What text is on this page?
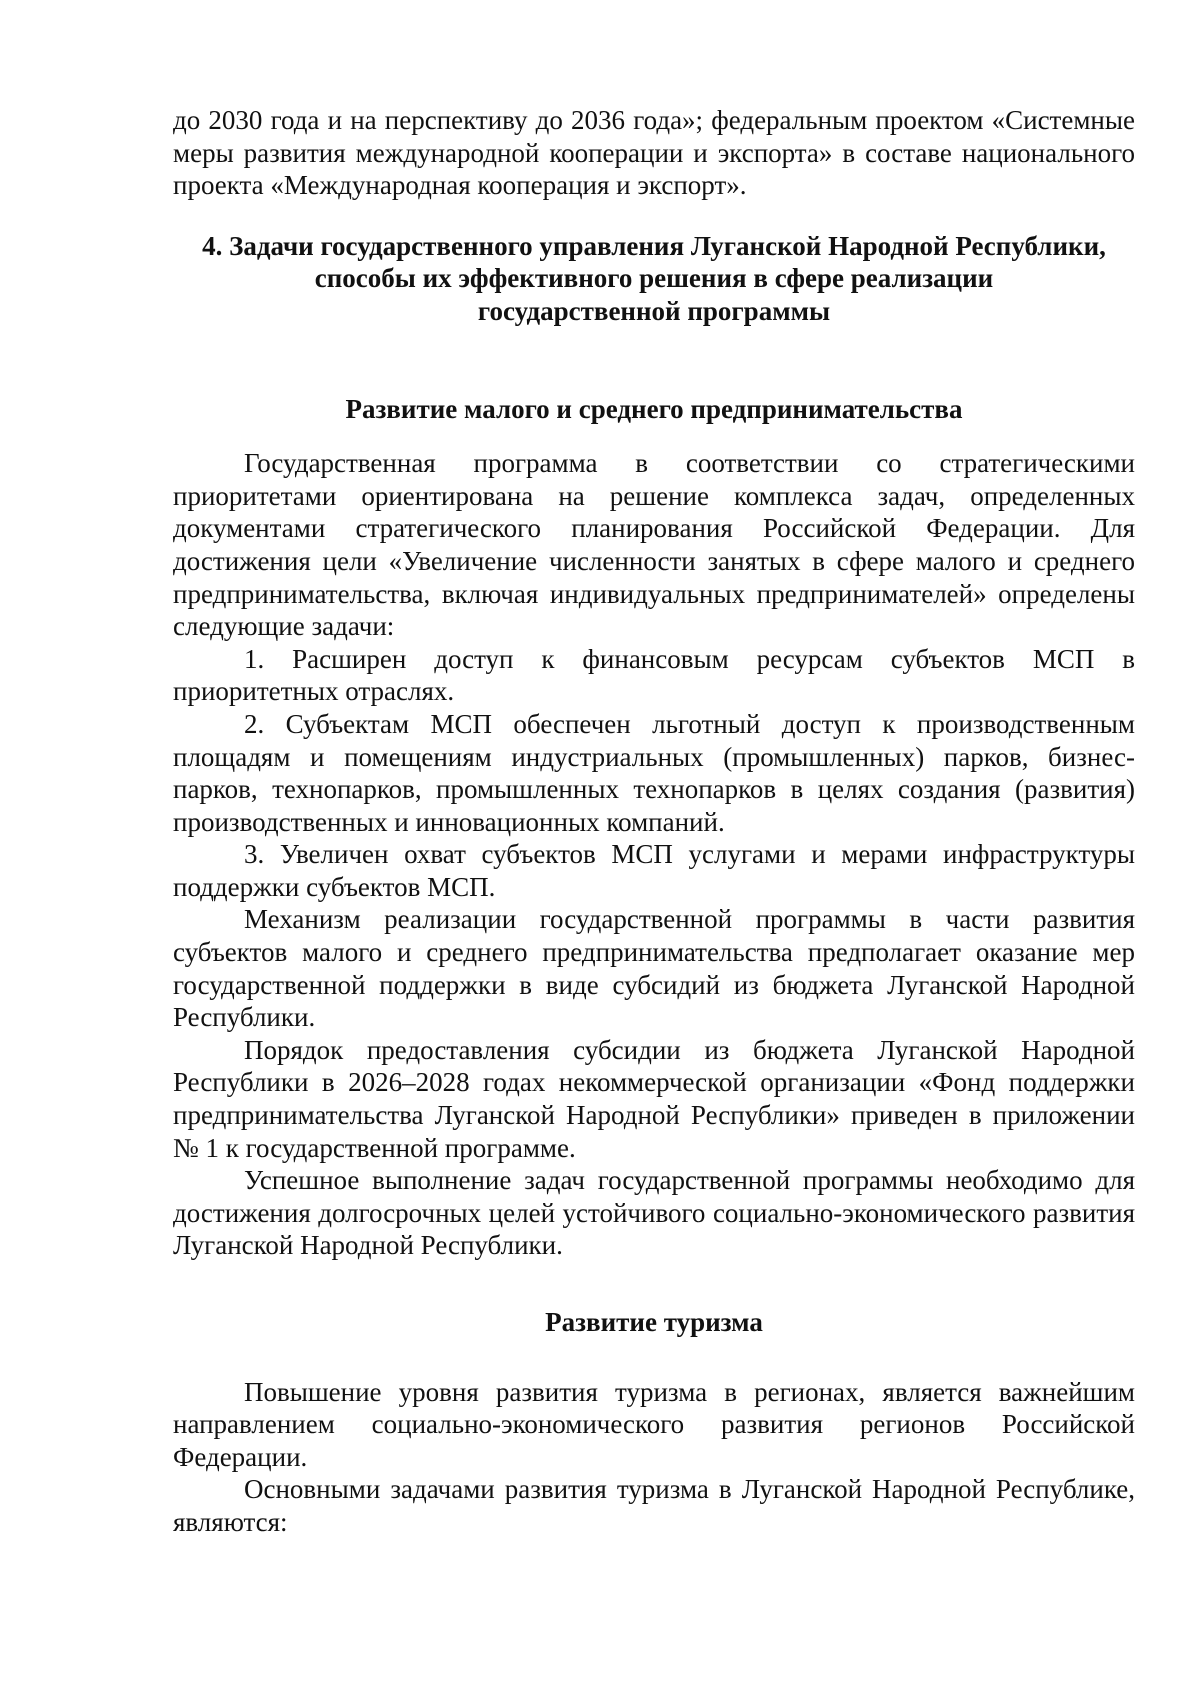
до 2030 года и на перспективу до 2036 года»; федеральным проектом «Системные меры развития международной кооперации и экспорта» в составе национального проекта «Международная кооперация и экспорт».

4. Задачи государственного управления Луганской Народной Республики,
способы их эффективного решения в сфере реализации
государственной программы
Развитие малого и среднего предпринимательства

Государственная программа в соответствии со стратегическими приоритетами ориентирована на решение комплекса задач, определенных документами стратегического планирования Российской Федерации. Для достижения цели «Увеличение численности занятых в сфере малого и среднего предпринимательства, включая индивидуальных предпринимателей» определены следующие задачи:

1. Расширен доступ к финансовым ресурсам субъектов МСП в приоритетных отраслях.

2. Субъектам МСП обеспечен льготный доступ к производственным площадям и помещениям индустриальных (промышленных) парков, бизнес-парков, технопарков, промышленных технопарков в целях создания (развития) производственных и инновационных компаний.

3. Увеличен охват субъектов МСП услугами и мерами инфраструктуры поддержки субъектов МСП.

Механизм реализации государственной программы в части развития субъектов малого и среднего предпринимательства предполагает оказание мер государственной поддержки в виде субсидий из бюджета Луганской Народной Республики.

Порядок предоставления субсидии из бюджета Луганской Народной Республики в 2026–2028 годах некоммерческой организации «Фонд поддержки предпринимательства Луганской Народной Республики» приведен в приложении № 1 к государственной программе.

Успешное выполнение задач государственной программы необходимо для достижения долгосрочных целей устойчивого социально-экономического развития Луганской Народной Республики.

Развитие туризма

Повышение уровня развития туризма в регионах, является важнейшим направлением социально-экономического развития регионов Российской Федерации.

Основными задачами развития туризма в Луганской Народной Республике, являются:
